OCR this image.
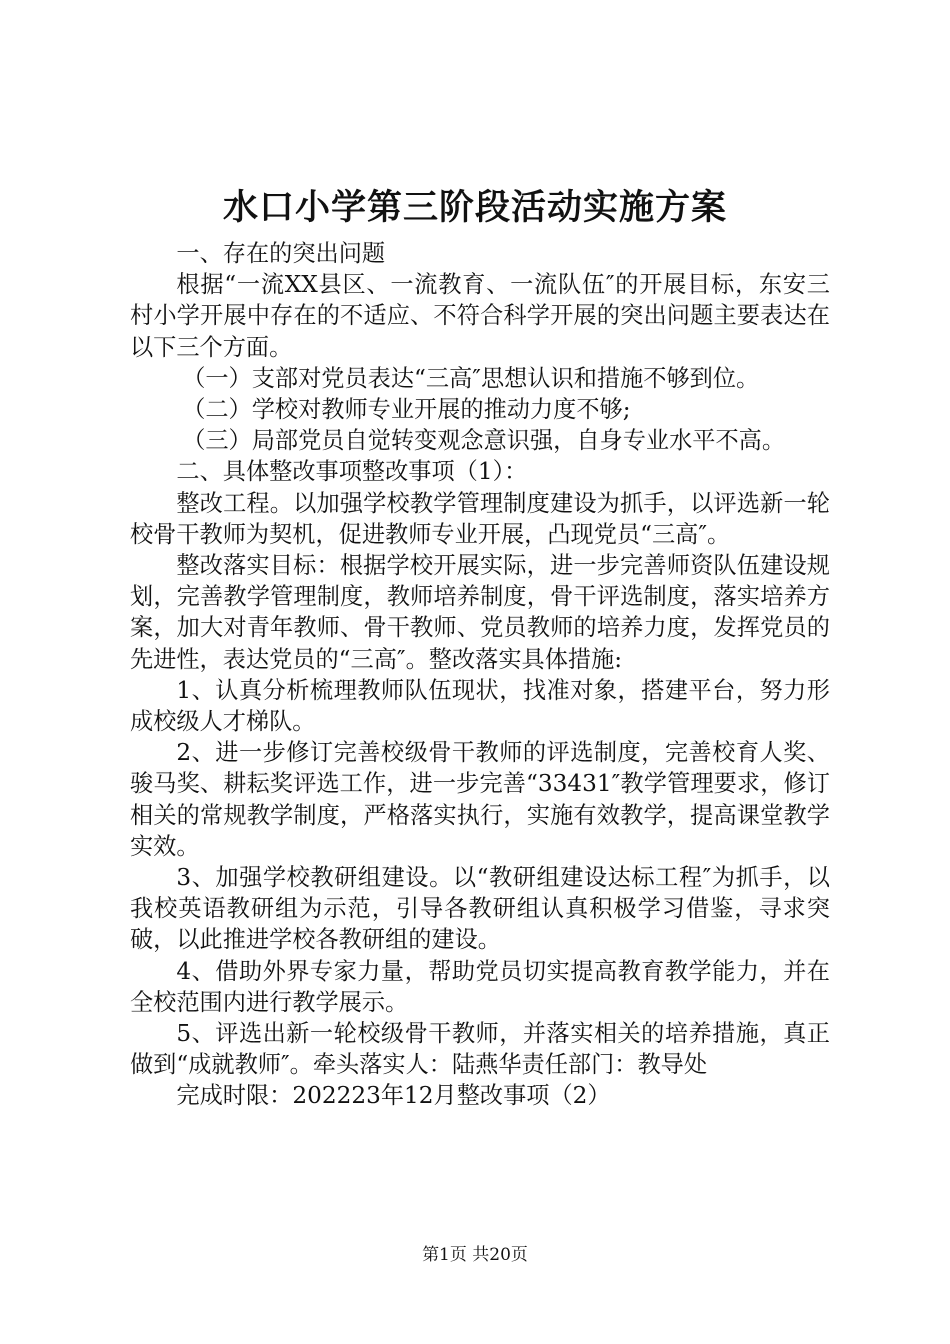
水口小学第三阶段活动实施方案

一、存在的突出问题

根据“一流XX县区、一流教育、一流队伍″的开展目标，东安三村小学开展中存在的不适应、不符合科学开展的突出问题主要表达在以下三个方面。

（一）支部对党员表达“三高″思想认识和措施不够到位。

（二）学校对教师专业开展的推动力度不够;

（三）局部党员自觉转变观念意识强，自身专业水平不高。

二、具体整改事项整改事项（1）：

整改工程。以加强学校教学管理制度建设为抓手，以评选新一轮校骨干教师为契机，促进教师专业开展，凸现党员“三高″。

整改落实目标：根据学校开展实际，进一步完善师资队伍建设规划，完善教学管理制度，教师培养制度，骨干评选制度，落实培养方案，加大对青年教师、骨干教师、党员教师的培养力度，发挥党员的先进性，表达党员的“三高″。整改落实具体措施:

1、认真分析梳理教师队伍现状，找准对象，搭建平台，努力形成校级人才梯队。

2、进一步修订完善校级骨干教师的评选制度，完善校育人奖、骏马奖、耕耘奖评选工作，进一步完善“33431″教学管理要求，修订相关的常规教学制度，严格落实执行，实施有效教学，提高课堂教学实效。

3、加强学校教研组建设。以“教研组建设达标工程″为抓手，以我校英语教研组为示范，引导各教研组认真积极学习借鉴，寻求突破，以此推进学校各教研组的建设。

4、借助外界专家力量，帮助党员切实提高教育教学能力，并在全校范围内进行教学展示。

5、评选出新一轮校级骨干教师，并落实相关的培养措施，真正做到“成就教师″。牵头落实人：陆燕华责任部门：教导处

完成时限：202223年12月整改事项（2）

第1页 共20页
